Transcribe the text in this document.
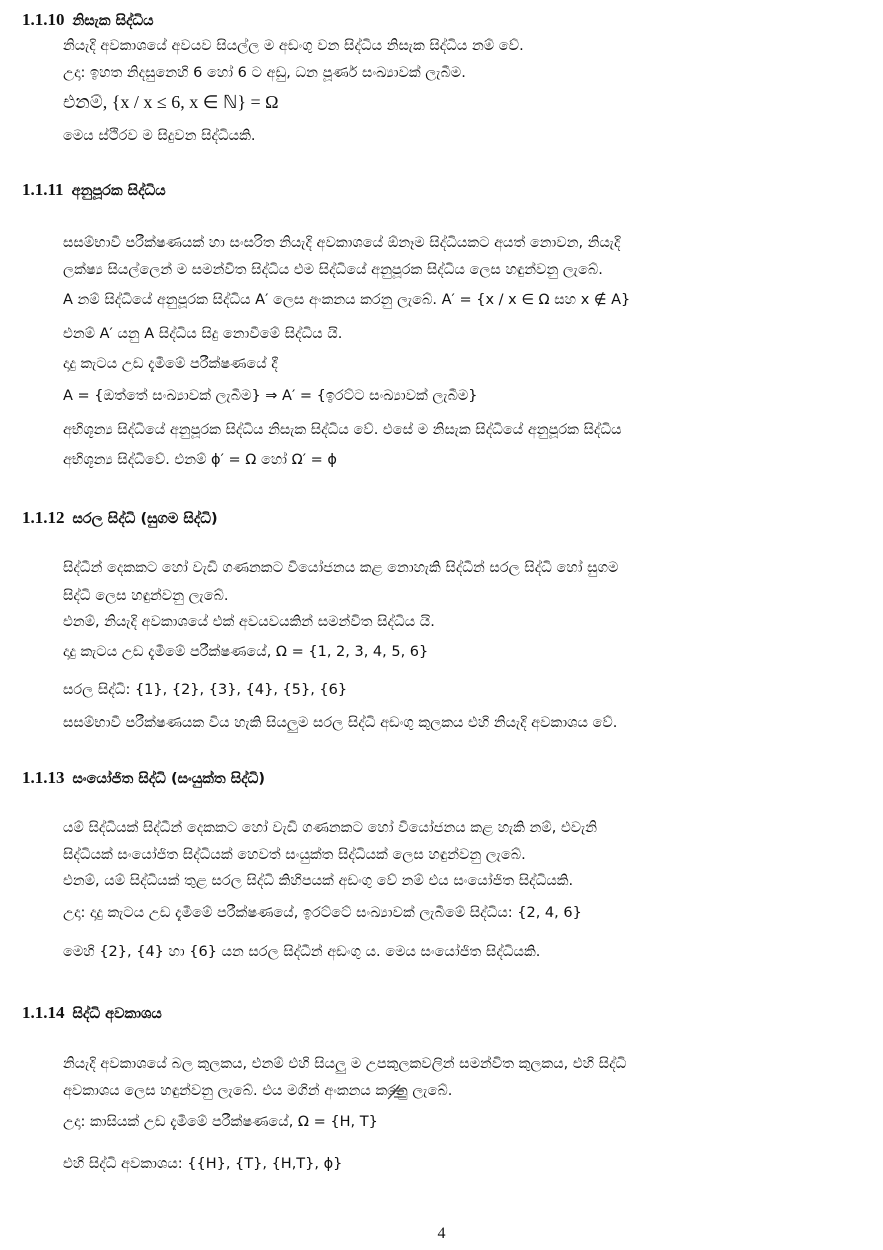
1.1.10 නිසැක සිද්ධිය
නියැදි අවකාශයේ අවයව සියල්ල ම අඩංගු වන සිද්ධිය නිසැක සිද්ධිය නම් වේ.
උදා: ඉහත නිදසුනෙහි 6 හෝ 6 ට අඩු, ධන පූර්ණ සංඛ්‍යාවක් ලැබීම.
එනම්, {x / x ≤ 6, x ∈ ℕ} = Ω
මෙය ස්ථිරව ම සිදුවන සිද්ධියකි.
1.1.11 අනුපූරක සිද්ධිය
සසම්භාවී පරීක්ෂණයක් හා සංසරිත නියැදි අවකාශයේ ඕනෑම සිද්ධියකට අයත් නොවන, නියැදි
ලක්ෂ්‍ය සියල්ලෙන් ම සමන්විත සිද්ධිය එම සිද්ධියේ අනුපූරක සිද්ධිය ලෙස හඳුන්වනු ලැබේ.
A නම් සිද්ධියේ අනුපූරක සිද්ධිය A′ ලෙස අංකනය කරනු ලැබේ. A′ = {x / x ∈ Ω සහ x ∉ A}
එනම් A′ යනු A සිද්ධිය සිදු නොවීමේ සිද්ධිය යි.
දාදු කැටය උඩ දැමීමේ පරීක්ෂණයේ දී
A = {ඔත්තේ සංඛ්‍යාවක් ලැබීම} ⇒ A′ = {ඉරට්ට සංඛ්‍යාවක් ලැබීම}
අභිශූන්‍ය සිද්ධියේ අනුපූරක සිද්ධිය නිසැක සිද්ධිය වේ. එසේ ම නිසැක සිද්ධියේ අනුපූරක සිද්ධිය
අභිශූන්‍ය සිද්ධිවේ. එනම් ϕ′ = Ω හෝ Ω′ = ϕ
1.1.12 සරල සිද්ධි (සුගම සිද්ධි)
සිද්ධීන් දෙකකට හෝ වැඩි ගණනකට වියෝජනය කළ නොහැකි සිද්ධීන් සරල සිද්ධි හෝ සුගම
සිද්ධි ලෙස හඳුන්වනු ලැබේ.
එනම්, නියැදි අවකාශයේ එක් අවයවයකින් සමන්විත සිද්ධිය යි.
දාදු කැටය උඩ දැමීමේ පරීක්ෂණයේ, Ω = {1, 2, 3, 4, 5, 6}
සරල සිද්ධි: {1}, {2}, {3}, {4}, {5}, {6}
සසම්භාවී පරීක්ෂණයක විය හැකි සියලුම සරල සිද්ධි අඩංගු කුලකය එහි නියැදි අවකාශය වේ.
1.1.13 සංයෝජිත සිද්ධි (සංයුක්ත සිද්ධි)
යම් සිද්ධියක් සිද්ධීන් දෙකකට හෝ වැඩි ගණනකට හෝ වියෝජනය කළ හැකි නම්, එවැනි
සිද්ධියක් සංයෝජිත සිද්ධියක් හෙවත් සංයුක්ත සිද්ධියක් ලෙස හඳුන්වනු ලැබේ.
එනම්, යම් සිද්ධියක් තුළ සරල සිද්ධි කිහිපයක් අඩංගු වේ නම් එය සංයෝජිත සිද්ධියකි.
උදා: දාදු කැටය උඩ දැමීමේ පරීක්ෂණයේ, ඉරට්ටේ සංඛ්‍යාවක් ලැබීමේ සිද්ධිය: {2, 4, 6}
මෙහි {2}, {4} හා {6} යන සරල සිද්ධීන් අඩංගු ය. මෙය සංයෝජිත සිද්ධියකි.
1.1.14 සිද්ධි අවකාශය
නියැදි අවකාශයේ බල කුලකය, එනම් එහි සියලු ම උපකුලකවලින් සමන්විත කුලකය, එහි සිද්ධි
අවකාශය ලෙස හඳුන්වනු ලැබේ. එය මගින් අංකනය කරනු ලැබේ.
උදා: කාසියක් උඩ දැමීමේ පරීක්ෂණයේ, Ω = {H, T}
එහි සිද්ධි අවකාශය: {{H}, {T}, {H,T}, ϕ}
4
